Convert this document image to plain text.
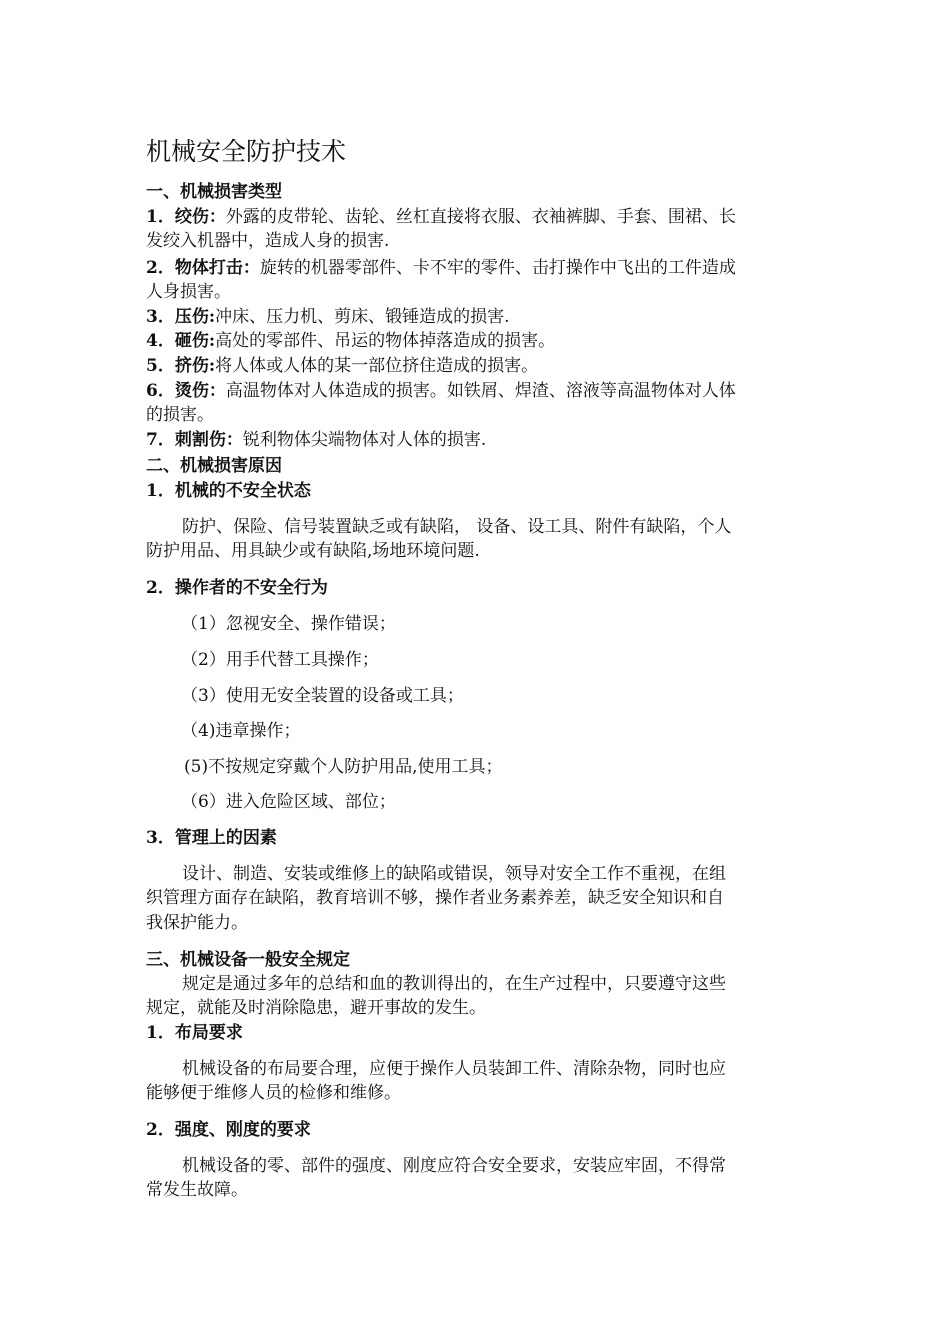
机械安全防护技术
一、机械损害类型
1．绞伤：外露的皮带轮、齿轮、丝杠直接将衣服、衣袖裤脚、手套、围裙、长
发绞入机器中，造成人身的损害.
2．物体打击：旋转的机器零部件、卡不牢的零件、击打操作中飞出的工件造成
人身损害。
3．压伤:冲床、压力机、剪床、锻锤造成的损害.
4．砸伤:高处的零部件、吊运的物体掉落造成的损害。
5．挤伤:将人体或人体的某一部位挤住造成的损害。
6．烫伤：高温物体对人体造成的损害。如铁屑、焊渣、溶液等高温物体对人体
的损害。
7．刺割伤：锐利物体尖端物体对人体的损害.
二、机械损害原因
1．机械的不安全状态
防护、保险、信号装置缺乏或有缺陷， 设备、设工具、附件有缺陷，个人
防护用品、用具缺少或有缺陷,场地环境问题.
2．操作者的不安全行为
（1）忽视安全、操作错误；
（2）用手代替工具操作；
（3）使用无安全装置的设备或工具；
（4)违章操作；
(5)不按规定穿戴个人防护用品,使用工具；
（6）进入危险区域、部位；
3．管理上的因素
设计、制造、安装或维修上的缺陷或错误，领导对安全工作不重视，在组
织管理方面存在缺陷，教育培训不够，操作者业务素养差，缺乏安全知识和自
我保护能力。
三、机械设备一般安全规定
规定是通过多年的总结和血的教训得出的，在生产过程中，只要遵守这些
规定，就能及时消除隐患，避开事故的发生。
1．布局要求
机械设备的布局要合理，应便于操作人员装卸工件、清除杂物，同时也应
能够便于维修人员的检修和维修。
2．强度、刚度的要求
机械设备的零、部件的强度、刚度应符合安全要求，安装应牢固，不得常
常发生故障。
